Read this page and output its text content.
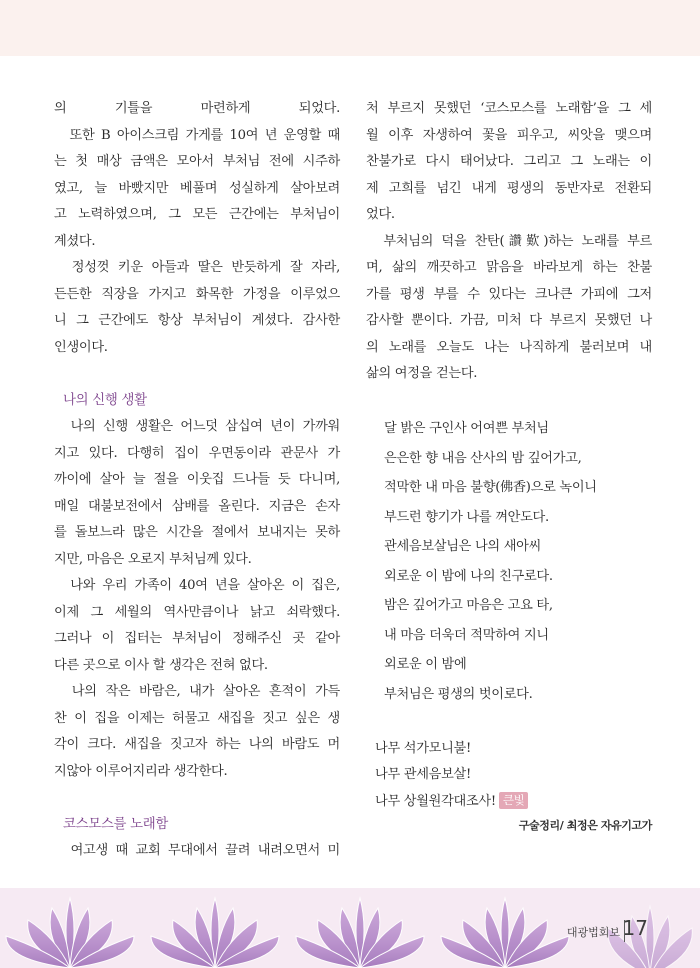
의 기틀을 마련하게 되었다.
　또한 B 아이스크림 가게를 10여 년 운영할 때
는 첫 매상 금액은 모아서 부처님 전에 시주하
였고, 늘 바빴지만 베풀며 성실하게 살아보려
고 노력하였으며, 그 모든 근간에는 부처님이
계셨다.
　정성껏 키운 아들과 딸은 반듯하게 잘 자라,
든든한 직장을 가지고 화목한 가정을 이루었으
니 그 근간에도 항상 부처님이 계셨다. 감사한
인생이다.
나의 신행 생활
　나의 신행 생활은 어느덧 삼십여 년이 가까워
지고 있다. 다행히 집이 우면동이라 관문사 가
까이에 살아 늘 절을 이웃집 드나들 듯 다니며,
매일 대불보전에서 삼배를 올린다. 지금은 손자
를 돌보느라 많은 시간을 절에서 보내지는 못하
지만, 마음은 오로지 부처님께 있다.
　나와 우리 가족이 40여 년을 살아온 이 집은,
이제 그 세월의 역사만큼이나 낡고 쇠락했다.
그러나 이 집터는 부처님이 정해주신 곳 같아
다른 곳으로 이사 할 생각은 전혀 없다.
　나의 작은 바람은, 내가 살아온 흔적이 가득
찬 이 집을 이제는 허물고 새집을 짓고 싶은 생
각이 크다. 새집을 짓고자 하는 나의 바람도 머
지않아 이루어지리라 생각한다.
코스모스를 노래함
　여고생 때 교회 무대에서 끌려 내려오면서 미
처 부르지 못했던 ‘코스모스를 노래함’을 그 세
월 이후 자생하여 꽃을 피우고, 씨앗을 맺으며
찬불가로 다시 태어났다. 그리고 그 노래는 이
제 고희를 넘긴 내게 평생의 동반자로 전환되
었다.
　부처님의 덕을 찬탄(讚歎)하는 노래를 부르
며, 삶의 깨끗하고 맑음을 바라보게 하는 찬불
가를 평생 부를 수 있다는 크나큰 가피에 그저
감사할 뿐이다. 가끔, 미처 다 부르지 못했던 나
의 노래를 오늘도 나는 나직하게 불러보며 내
삶의 여정을 걷는다.
달 밝은 구인사 어여쁜 부처님
은은한 향 내음 산사의 밤 깊어가고,
적막한 내 마음 불향(佛香)으로 녹이니
부드런 향기가 나를 껴안도다.
관세음보살님은 나의 새아씨
외로운 이 밤에 나의 친구로다.
밤은 깊어가고 마음은 고요 타,
내 마음 더욱더 적막하여 지니
외로운 이 밤에
부처님은 평생의 벗이로다.
나무 석가모니불!
나무 관세음보살!
나무 상월원각대조사! 큰빛
구술정리/ 최정은 자유기고가
대광법회보 17
